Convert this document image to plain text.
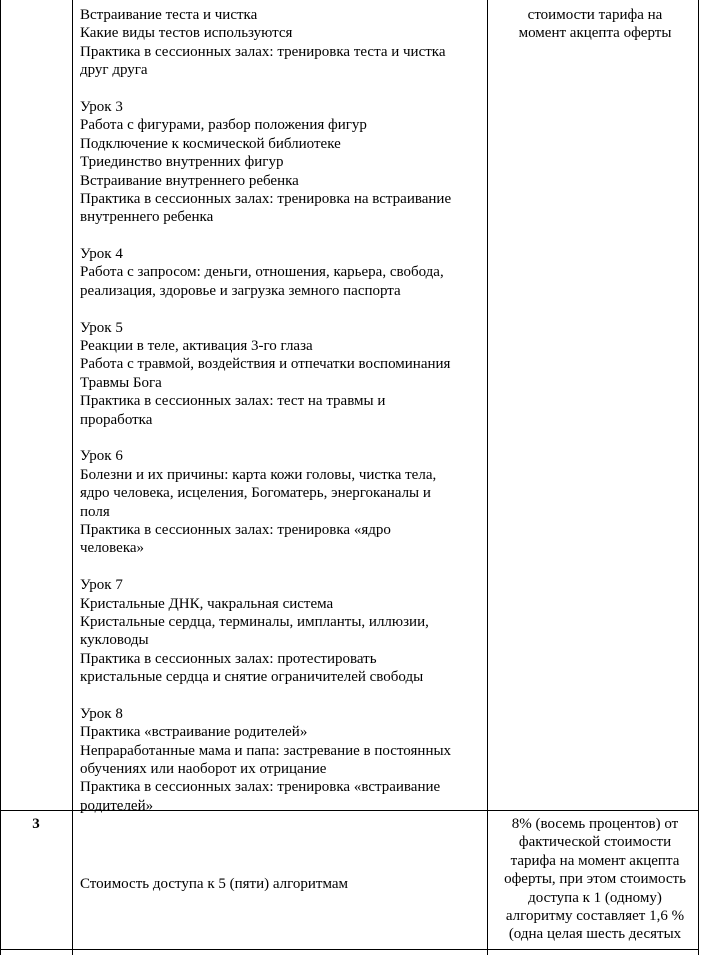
Встраивание теста и чистка
Какие виды тестов используются
Практика в сессионных залах: тренировка теста и чистка
друг друга
Урок 3
Работа с фигурами, разбор положения фигур
Подключение к космической библиотеке
Триединство внутренних фигур
Встраивание внутреннего ребенка
Практика в сессионных залах: тренировка на встраивание
внутреннего ребенка
Урок 4
Работа с запросом: деньги, отношения, карьера, свобода,
реализация, здоровье и загрузка земного паспорта
Урок 5
Реакции в теле, активация 3-го глаза
Работа с травмой, воздействия и отпечатки воспоминания
Травмы Бога
Практика в сессионных залах: тест на травмы и
проработка
Урок 6
Болезни и их причины: карта кожи головы, чистка тела,
ядро человека, исцеления, Богоматерь, энергоканалы и
поля
Практика в сессионных залах: тренировка «ядро
человека»
Урок 7
Кристальные ДНК, чакральная система
Кристальные сердца, терминалы, импланты, иллюзии,
кукловоды
Практика в сессионных залах: протестировать
кристальные сердца и снятие ограничителей свободы
Урок 8
Практика «встраивание родителей»
Непраработанные мама и папа: застревание в постоянных
обучениях или наоборот их отрицание
Практика в сессионных залах: тренировка «встраивание
родителей»
стоимости тарифа на
момент акцепта оферты
3
Стоимость доступа к 5 (пяти) алгоритмам
8% (восемь процентов) от
фактической стоимости
тарифа на момент акцепта
оферты, при этом стоимость
доступа к 1 (одному)
алгоритму составляет 1,6 %
(одна целая шесть десятых
